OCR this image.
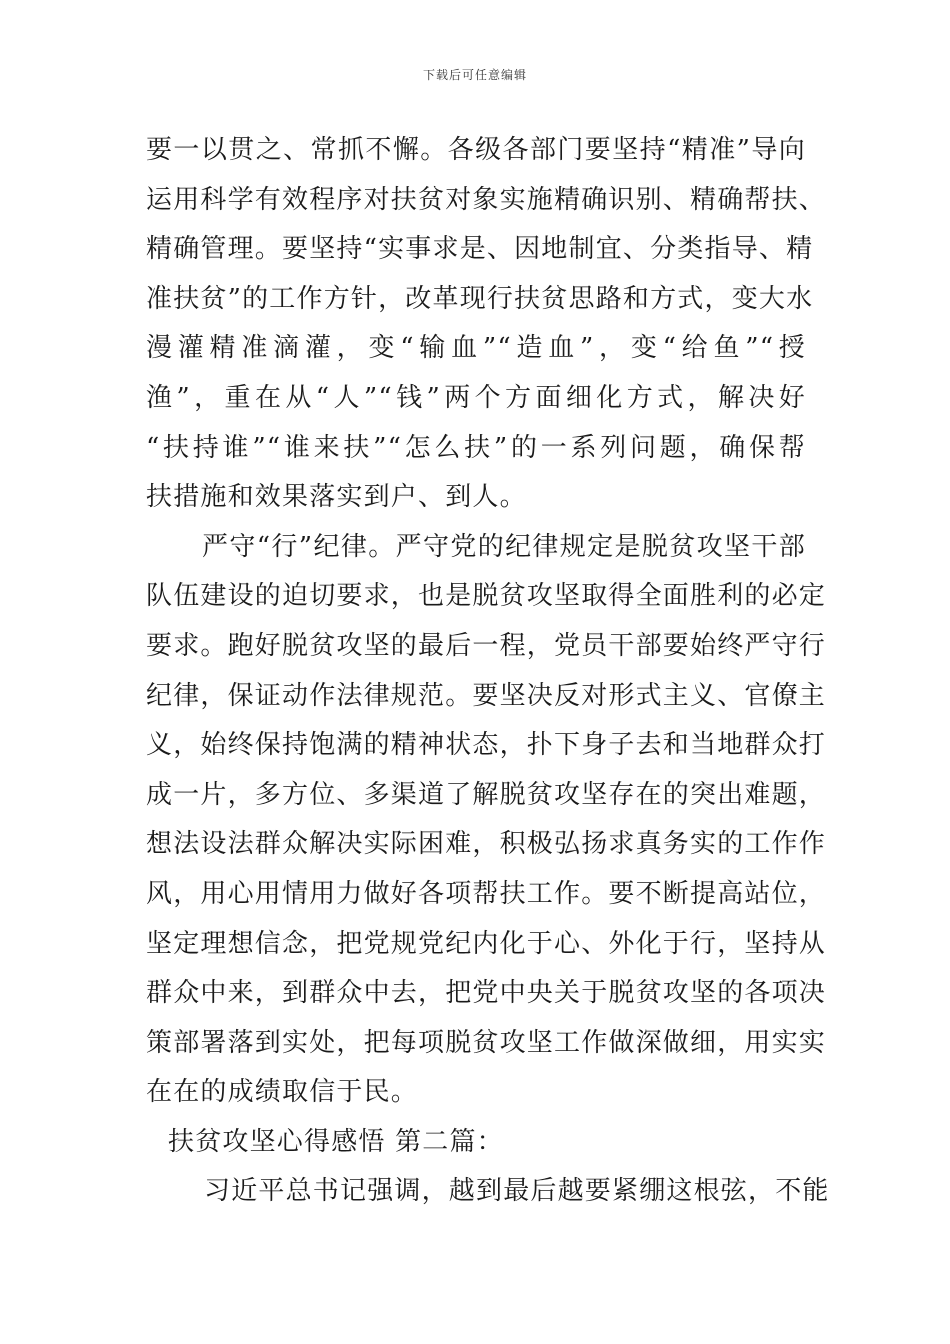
下载后可任意编辑
要一以贯之、常抓不懈。各级各部门要坚持“精准”导向
运用科学有效程序对扶贫对象实施精确识别、精确帮扶、
精确管理。要坚持“实事求是、因地制宜、分类指导、精
准扶贫”的工作方针，改革现行扶贫思路和方式，变大水
漫灌精准滴灌，变“输血”“造血”，变“给鱼”“授
渔”，重在从“人”“钱”两个方面细化方式，解决好
“扶持谁”“谁来扶”“怎么扶”的一系列问题，确保帮
扶措施和效果落实到户、到人。
严守“行”纪律。严守党的纪律规定是脱贫攻坚干部
队伍建设的迫切要求，也是脱贫攻坚取得全面胜利的必定
要求。跑好脱贫攻坚的最后一程，党员干部要始终严守行
纪律，保证动作法律规范。要坚决反对形式主义、官僚主
义，始终保持饱满的精神状态，扑下身子去和当地群众打
成一片，多方位、多渠道了解脱贫攻坚存在的突出难题，
想法设法群众解决实际困难，积极弘扬求真务实的工作作
风，用心用情用力做好各项帮扶工作。要不断提高站位，
坚定理想信念，把党规党纪内化于心、外化于行，坚持从
群众中来，到群众中去，把党中央关于脱贫攻坚的各项决
策部署落到实处，把每项脱贫攻坚工作做深做细，用实实
在在的成绩取信于民。
扶贫攻坚心得感悟 第二篇：
习近平总书记强调，越到最后越要紧绷这根弦，不能
